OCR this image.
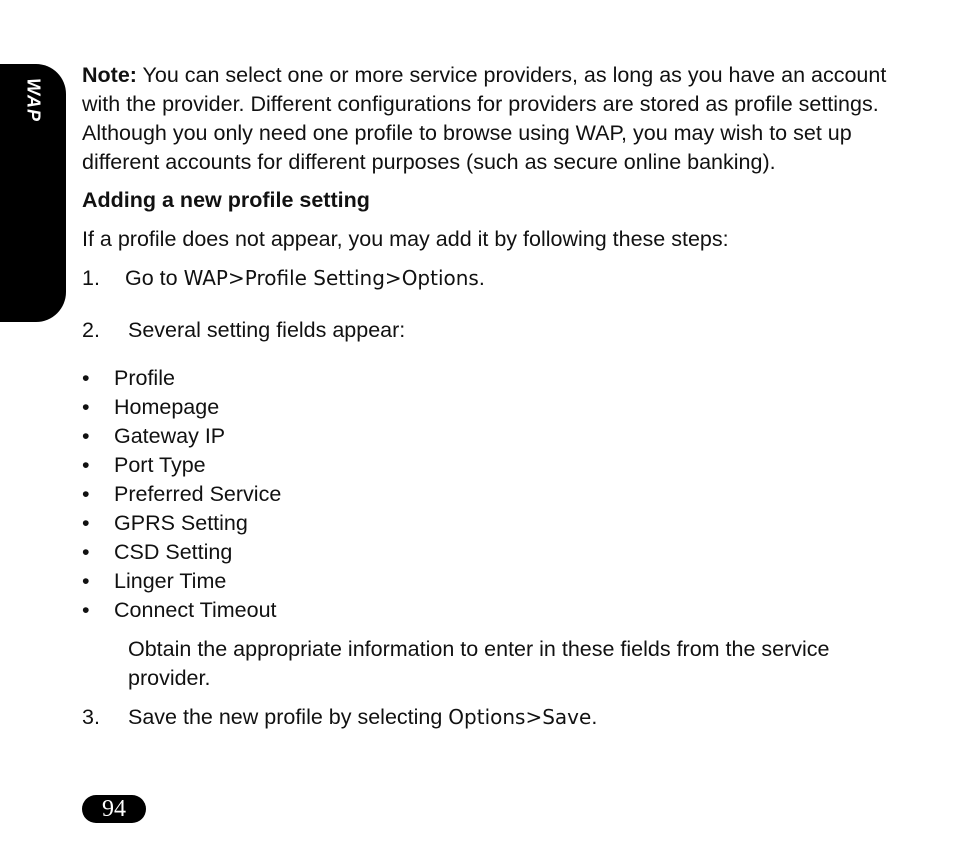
WAP

Note: You can select one or more service providers, as long as you have an account with the provider. Different configurations for providers are stored as profile settings. Although you only need one profile to browse using WAP, you may wish to set up different accounts for different purposes (such as secure online banking).

Adding a new profile setting

If a profile does not appear, you may add it by following these steps:

1.	Go to WAP>Profile Setting>Options.
2.	Several setting fields appear:
•	Profile
•	Homepage
•	Gateway IP
•	Port Type
•	Preferred Service
•	GPRS Setting
•	CSD Setting
•	Linger Time
•	Connect Timeout

Obtain the appropriate information to enter in these fields from the service provider.

3.	Save the new profile by selecting Options>Save.
94
